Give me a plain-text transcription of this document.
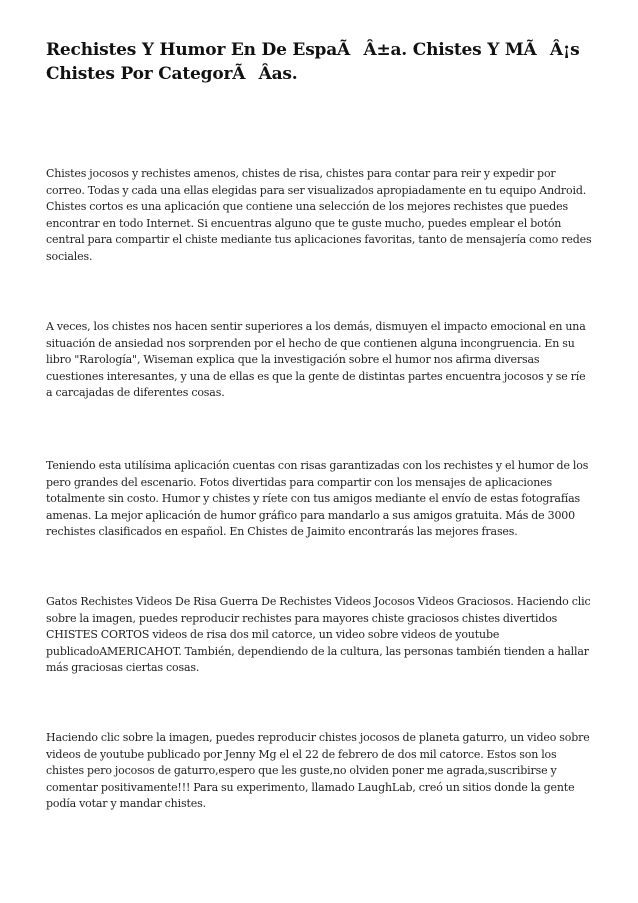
Rechistes Y Humor En De EspaÃÂ±a. Chistes Y MÃÂ¡s Chistes Por CategorÃÂas.

Chistes jocosos y rechistes amenos, chistes de risa, chistes para contar para reir y expedir por correo. Todas y cada una ellas elegidas para ser visualizados apropiadamente en tu equipo Android. Chistes cortos es una aplicación que contiene una selección de los mejores rechistes que puedes encontrar en todo Internet. Si encuentras alguno que te guste mucho, puedes emplear el botón central para compartir el chiste mediante tus aplicaciones favoritas, tanto de mensajería como redes sociales.

A veces, los chistes nos hacen sentir superiores a los demás, dismuyen el impacto emocional en una situación de ansiedad nos sorprenden por el hecho de que contienen alguna incongruencia. En su libro "Rarología", Wiseman explica que la investigación sobre el humor nos afirma diversas cuestiones interesantes, y una de ellas es que la gente de distintas partes encuentra jocosos y se ríe a carcajadas de diferentes cosas.

Teniendo esta utilísima aplicación cuentas con risas garantizadas con los rechistes y el humor de los pero grandes del escenario. Fotos divertidas para compartir con los mensajes de aplicaciones totalmente sin costo. Humor y chistes y ríete con tus amigos mediante el envío de estas fotografías amenas. La mejor aplicación de humor gráfico para mandarlo a sus amigos gratuita. Más de 3000 rechistes clasificados en español. En Chistes de Jaimito encontrarás las mejores frases.

Gatos Rechistes Videos De Risa Guerra De Rechistes Videos Jocosos Videos Graciosos. Haciendo clic sobre la imagen, puedes reproducir rechistes para mayores chiste graciosos chistes divertidos CHISTES CORTOS videos de risa dos mil catorce, un video sobre videos de youtube publicadoAMERICAHOT. También, dependiendo de la cultura, las personas también tienden a hallar más graciosas ciertas cosas.

Haciendo clic sobre la imagen, puedes reproducir chistes jocosos de planeta gaturro, un video sobre videos de youtube publicado por Jenny Mg el el 22 de febrero de dos mil catorce. Estos son los chistes pero jocosos de gaturro,espero que les guste,no olviden poner me agrada,suscribirse y comentar positivamente!!! Para su experimento, llamado LaughLab, creó un sitios donde la gente podía votar y mandar chistes.
